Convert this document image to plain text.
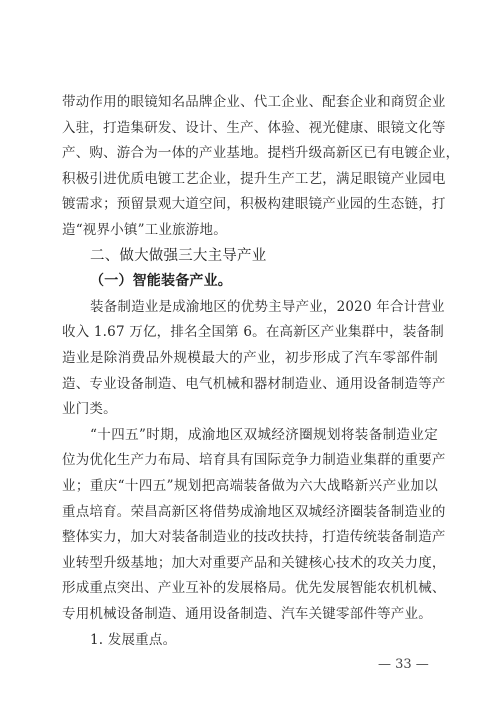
带动作用的眼镜知名品牌企业、代工企业、配套企业和商贸企业
入驻，打造集研发、设计、生产、体验、视光健康、眼镜文化等
产、购、游合为一体的产业基地。提档升级高新区已有电镀企业，
积极引进优质电镀工艺企业，提升生产工艺，满足眼镜产业园电
镀需求；预留景观大道空间，积极构建眼镜产业园的生态链，打
造“视界小镇”工业旅游地。
二、做大做强三大主导产业
（一）智能装备产业。
装备制造业是成渝地区的优势主导产业，2020 年合计营业
收入 1.67 万亿，排名全国第 6。在高新区产业集群中，装备制
造业是除消费品外规模最大的产业，初步形成了汽车零部件制
造、专业设备制造、电气机械和器材制造业、通用设备制造等产
业门类。
“十四五”时期，成渝地区双城经济圈规划将装备制造业定
位为优化生产力布局、培育具有国际竞争力制造业集群的重要产
业；重庆“十四五”规划把高端装备做为六大战略新兴产业加以
重点培育。荣昌高新区将借势成渝地区双城经济圈装备制造业的
整体实力，加大对装备制造业的技改扶持，打造传统装备制造产
业转型升级基地；加大对重要产品和关键核心技术的攻关力度，
形成重点突出、产业互补的发展格局。优先发展智能农机机械、
专用机械设备制造、通用设备制造、汽车关键零部件等产业。
1. 发展重点。
— 33 —
